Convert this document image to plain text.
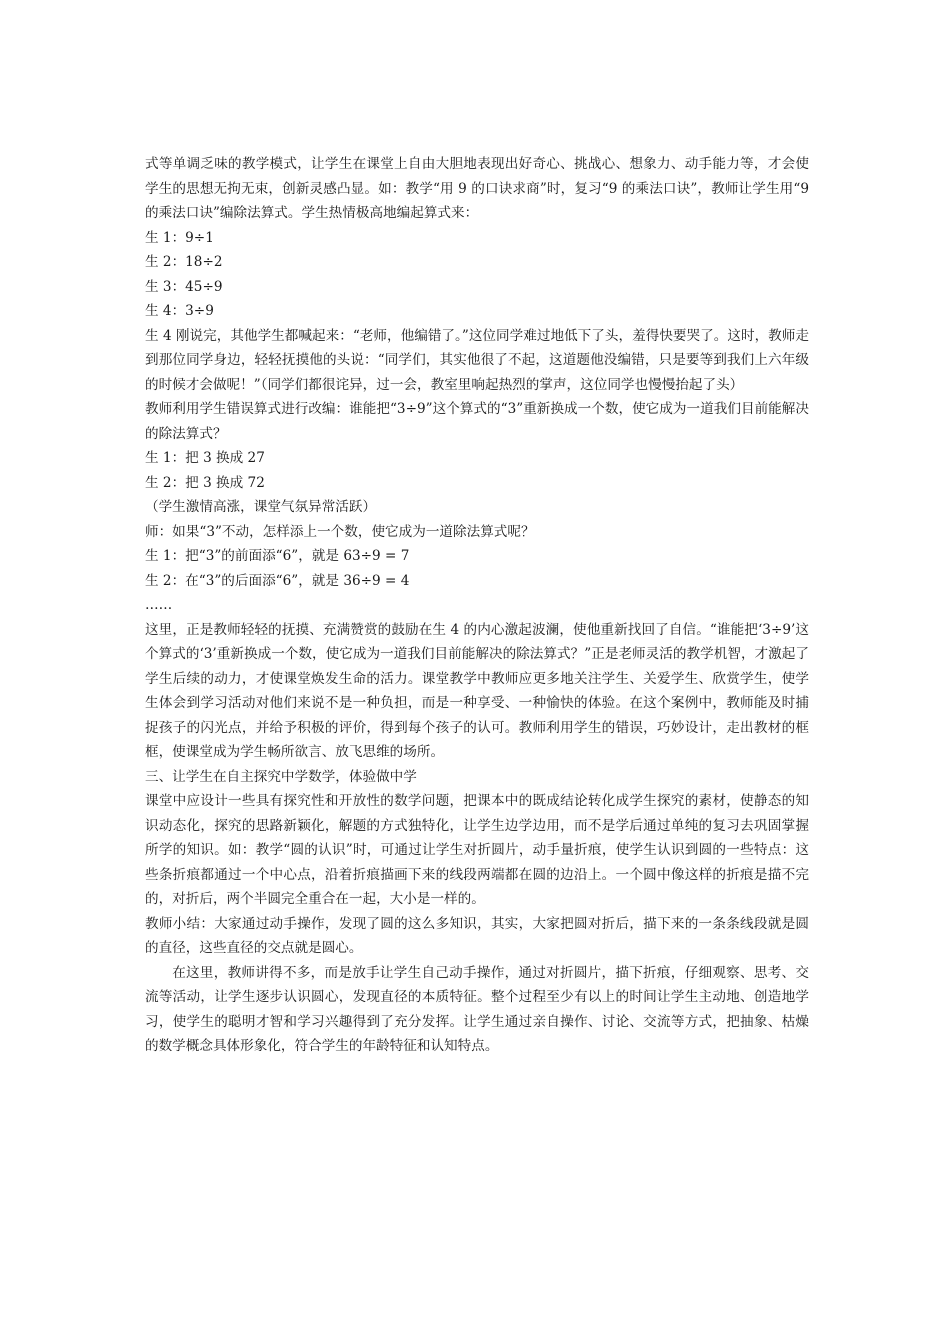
式等单调乏味的教学模式，让学生在课堂上自由大胆地表现出好奇心、挑战心、想象力、动手能力等，才会使学生的思想无拘无束，创新灵感凸显。如：教学“用 9 的口诀求商”时，复习“9 的乘法口诀”，教师让学生用“9 的乘法口诀”编除法算式。学生热情极高地编起算式来：

生 1：9÷1

生 2：18÷2

生 3：45÷9

生 4：3÷9

生 4 刚说完，其他学生都喊起来：“老师，他编错了。”这位同学难过地低下了头，羞得快要哭了。这时，教师走到那位同学身边，轻轻抚摸他的头说：“同学们，其实他很了不起，这道题他没编错，只是要等到我们上六年级的时候才会做呢！”（同学们都很诧异，过一会，教室里响起热烈的掌声，这位同学也慢慢抬起了头）

教师利用学生错误算式进行改编：谁能把“3÷9”这个算式的“3”重新换成一个数，使它成为一道我们目前能解决的除法算式？

生 1：把 3 换成 27

生 2：把 3 换成 72

（学生激情高涨，课堂气氛异常活跃）

师：如果“3”不动，怎样添上一个数，使它成为一道除法算式呢？

生 1：把“3”的前面添“6”，就是 63÷9 = 7

生 2：在“3”的后面添“6”，就是 36÷9 = 4

……

这里，正是教师轻轻的抚摸、充满赞赏的鼓励在生 4 的内心激起波澜，使他重新找回了自信。“谁能把‘3÷9’这个算式的‘3’重新换成一个数，使它成为一道我们目前能解决的除法算式？”正是老师灵活的教学机智，才激起了学生后续的动力，才使课堂焕发生命的活力。课堂教学中教师应更多地关注学生、关爱学生、欣赏学生，使学生体会到学习活动对他们来说不是一种负担，而是一种享受、一种愉快的体验。在这个案例中，教师能及时捕捉孩子的闪光点，并给予积极的评价，得到每个孩子的认可。教师利用学生的错误，巧妙设计，走出教材的框框，使课堂成为学生畅所欲言、放飞思维的场所。

三、让学生在自主探究中学数学，体验做中学

课堂中应设计一些具有探究性和开放性的数学问题，把课本中的既成结论转化成学生探究的素材，使静态的知识动态化，探究的思路新颖化，解题的方式独特化，让学生边学边用，而不是学后通过单纯的复习去巩固掌握所学的知识。如：教学“圆的认识”时，可通过让学生对折圆片，动手量折痕，使学生认识到圆的一些特点：这些条折痕都通过一个中心点，沿着折痕描画下来的线段两端都在圆的边沿上。一个圆中像这样的折痕是描不完的，对折后，两个半圆完全重合在一起，大小是一样的。

教师小结：大家通过动手操作，发现了圆的这么多知识，其实，大家把圆对折后，描下来的一条条线段就是圆的直径，这些直径的交点就是圆心。

在这里，教师讲得不多，而是放手让学生自己动手操作，通过对折圆片，描下折痕，仔细观察、思考、交流等活动，让学生逐步认识圆心，发现直径的本质特征。整个过程至少有以上的时间让学生主动地、创造地学习，使学生的聪明才智和学习兴趣得到了充分发挥。让学生通过亲自操作、讨论、交流等方式，把抽象、枯燥的数学概念具体形象化，符合学生的年龄特征和认知特点。
